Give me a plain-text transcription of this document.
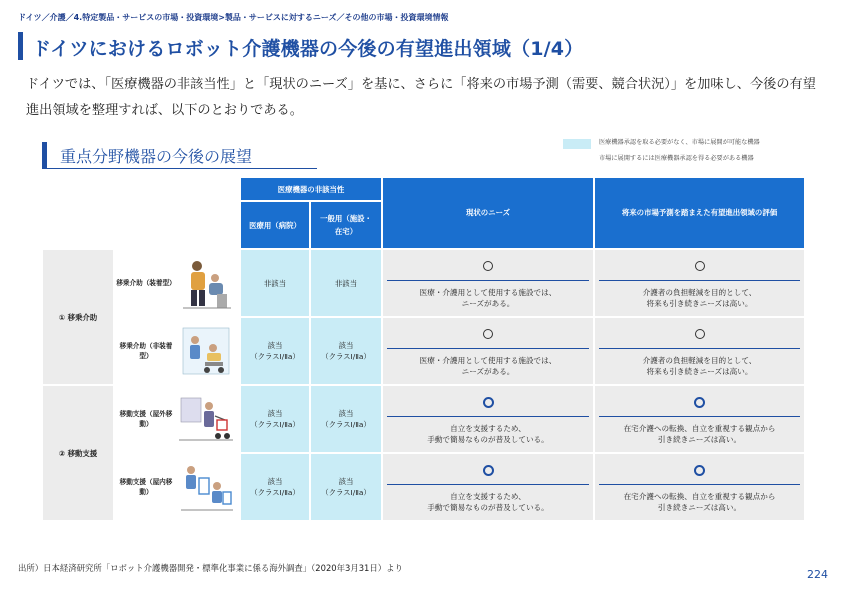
ドイツ／介護／4.特定製品・サービスの市場・投資環境>製品・サービスに対するニーズ／その他の市場・投資環境情報
ドイツにおけるロボット介護機器の今後の有望進出領域（1/4）
ドイツでは、「医療機器の非該当性」と「現状のニーズ」を基に、さらに「将来の市場予測（需要、競合状況）」を加味し、今後の有望進出領域を整理すれば、以下のとおりである。
重点分野機器の今後の展望
医療機器承認を取る必要がなく、市場に展開が可能な機器
市場に展開するには医療機器承認を得る必要がある機器
		医療機器の非該当性		現状のニーズ	将来の市場予測を踏まえた有望進出領域の評価
		医療用（病院）	一般用（施設・在宅）		
① 移乗介助	移乗介助（装着型）	非該当	非該当	医療・介護用として使用する施設では、
ニーズがある。	介護者の負担軽減を目的として、
将来も引き続きニーズは高い。

	移乗介助（非装着型）	該当
（クラスⅠ/Ⅱa）	該当
（クラスⅠ/Ⅱa）	医療・介護用として使用する施設では、
ニーズがある。	介護者の負担軽減を目的として、
将来も引き続きニーズは高い。

② 移動支援	移動支援（屋外移動）	該当
（クラスⅠ/Ⅱa）	該当
（クラスⅠ/Ⅱa）	自立を支援するため、
手動で簡易なものが普及している。	在宅介護への転換、自立を重視する観点から
引き続きニーズは高い。

	移動支援（屋内移動）	該当
（クラスⅠ/Ⅱa）	該当
（クラスⅠ/Ⅱa）	自立を支援するため、
手動で簡易なものが普及している。	在宅介護への転換、自立を重視する観点から
引き続きニーズは高い。
出所）日本経済研究所「ロボット介護機器開発・標準化事業に係る海外調査」（2020年3月31日）より	224
